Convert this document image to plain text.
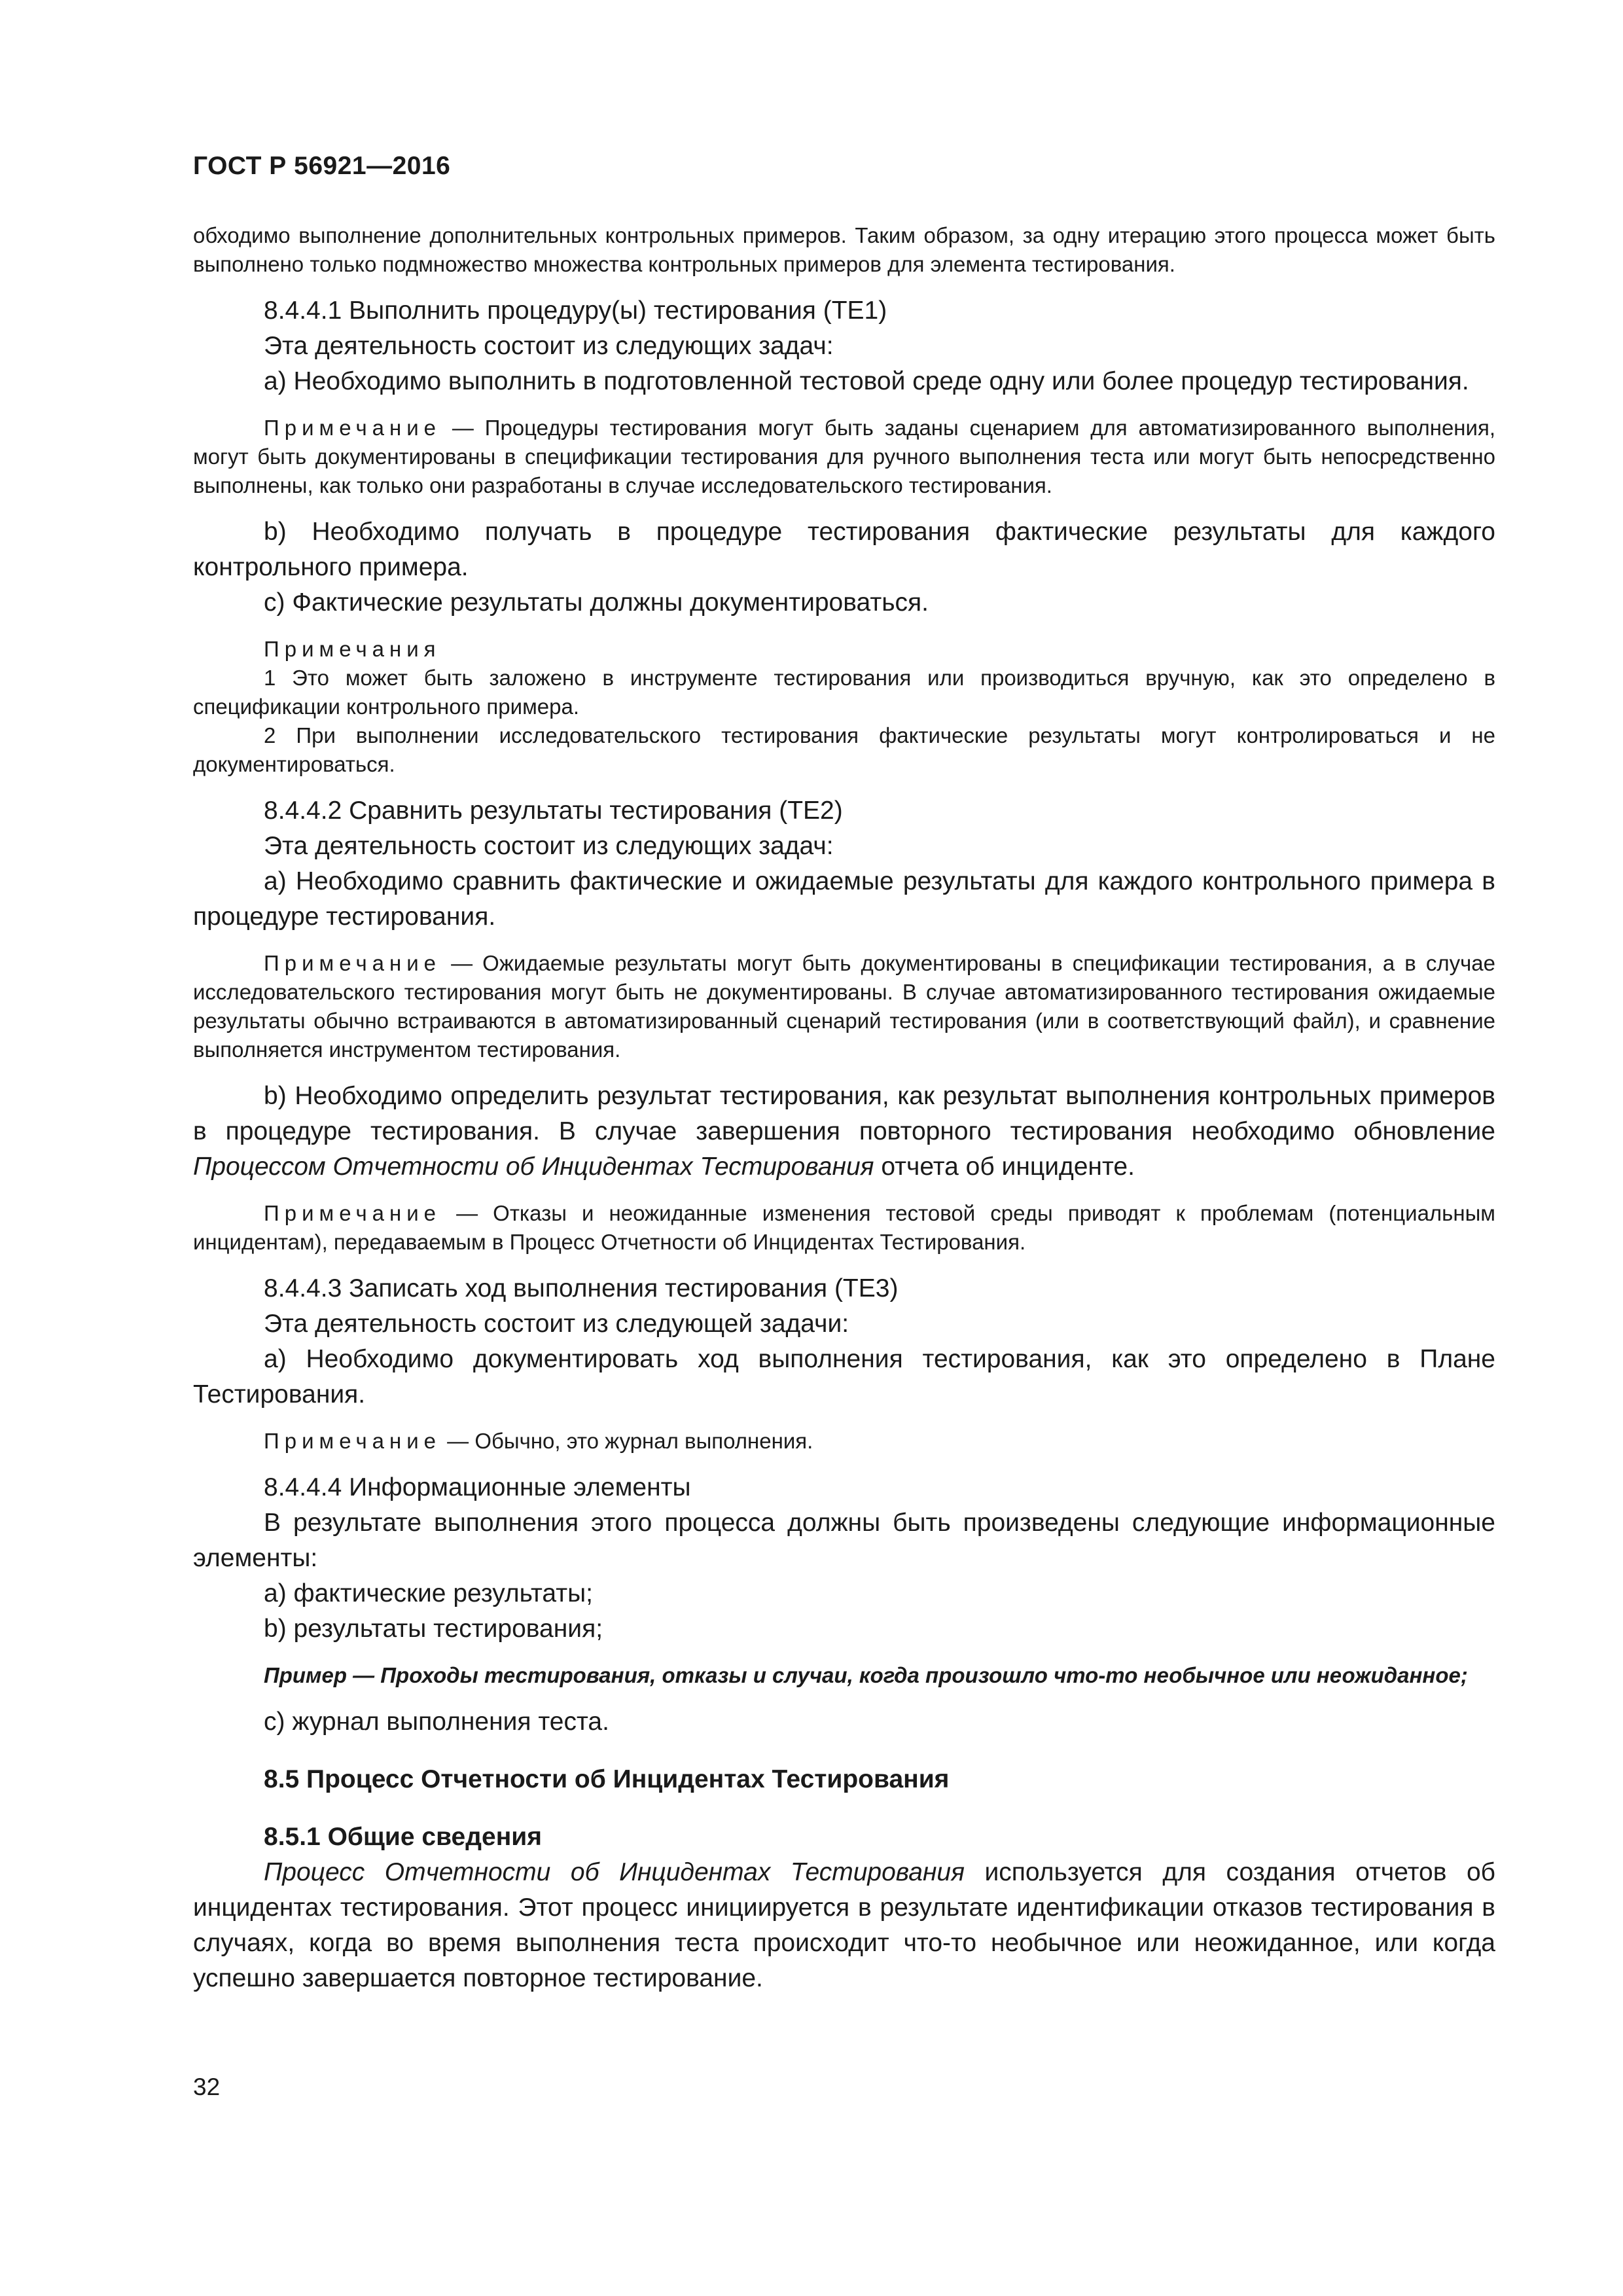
ГОСТ Р 56921—2016

обходимо выполнение дополнительных контрольных примеров. Таким образом, за одну итерацию этого процесса может быть выполнено только подмножество множества контрольных примеров для элемента тестирования.

8.4.4.1 Выполнить процедуру(ы) тестирования (ТЕ1)

Эта деятельность состоит из следующих задач:

a) Необходимо выполнить в подготовленной тестовой среде одну или более процедур тестирования.

Примечание — Процедуры тестирования могут быть заданы сценарием для автоматизированного выполнения, могут быть документированы в спецификации тестирования для ручного выполнения теста или могут быть непосредственно выполнены, как только они разработаны в случае исследовательского тестирования.

b) Необходимо получать в процедуре тестирования фактические результаты для каждого контрольного примера.

c) Фактические результаты должны документироваться.

Примечания

1 Это может быть заложено в инструменте тестирования или производиться вручную, как это определено в спецификации контрольного примера.

2 При выполнении исследовательского тестирования фактические результаты могут контролироваться и не документироваться.

8.4.4.2 Сравнить результаты тестирования (ТЕ2)

Эта деятельность состоит из следующих задач:

a) Необходимо сравнить фактические и ожидаемые результаты для каждого контрольного примера в процедуре тестирования.

Примечание — Ожидаемые результаты могут быть документированы в спецификации тестирования, а в случае исследовательского тестирования могут быть не документированы. В случае автоматизированного тестирования ожидаемые результаты обычно встраиваются в автоматизированный сценарий тестирования (или в соответствующий файл), и сравнение выполняется инструментом тестирования.

b) Необходимо определить результат тестирования, как результат выполнения контрольных примеров в процедуре тестирования. В случае завершения повторного тестирования необходимо обновление Процессом Отчетности об Инцидентах Тестирования отчета об инциденте.

Примечание — Отказы и неожиданные изменения тестовой среды приводят к проблемам (потенциальным инцидентам), передаваемым в Процесс Отчетности об Инцидентах Тестирования.

8.4.4.3 Записать ход выполнения тестирования (ТЕ3)

Эта деятельность состоит из следующей задачи:

a) Необходимо документировать ход выполнения тестирования, как это определено в Плане Тестирования.

Примечание — Обычно, это журнал выполнения.

8.4.4.4 Информационные элементы

В результате выполнения этого процесса должны быть произведены следующие информационные элементы:

a) фактические результаты;

b) результаты тестирования;

Пример — Проходы тестирования, отказы и случаи, когда произошло что-то необычное или неожиданное;

c) журнал выполнения теста.

8.5 Процесс Отчетности об Инцидентах Тестирования

8.5.1 Общие сведения

Процесс Отчетности об Инцидентах Тестирования используется для создания отчетов об инцидентах тестирования. Этот процесс инициируется в результате идентификации отказов тестирования в случаях, когда во время выполнения теста происходит что-то необычное или неожиданное, или когда успешно завершается повторное тестирование.

32
